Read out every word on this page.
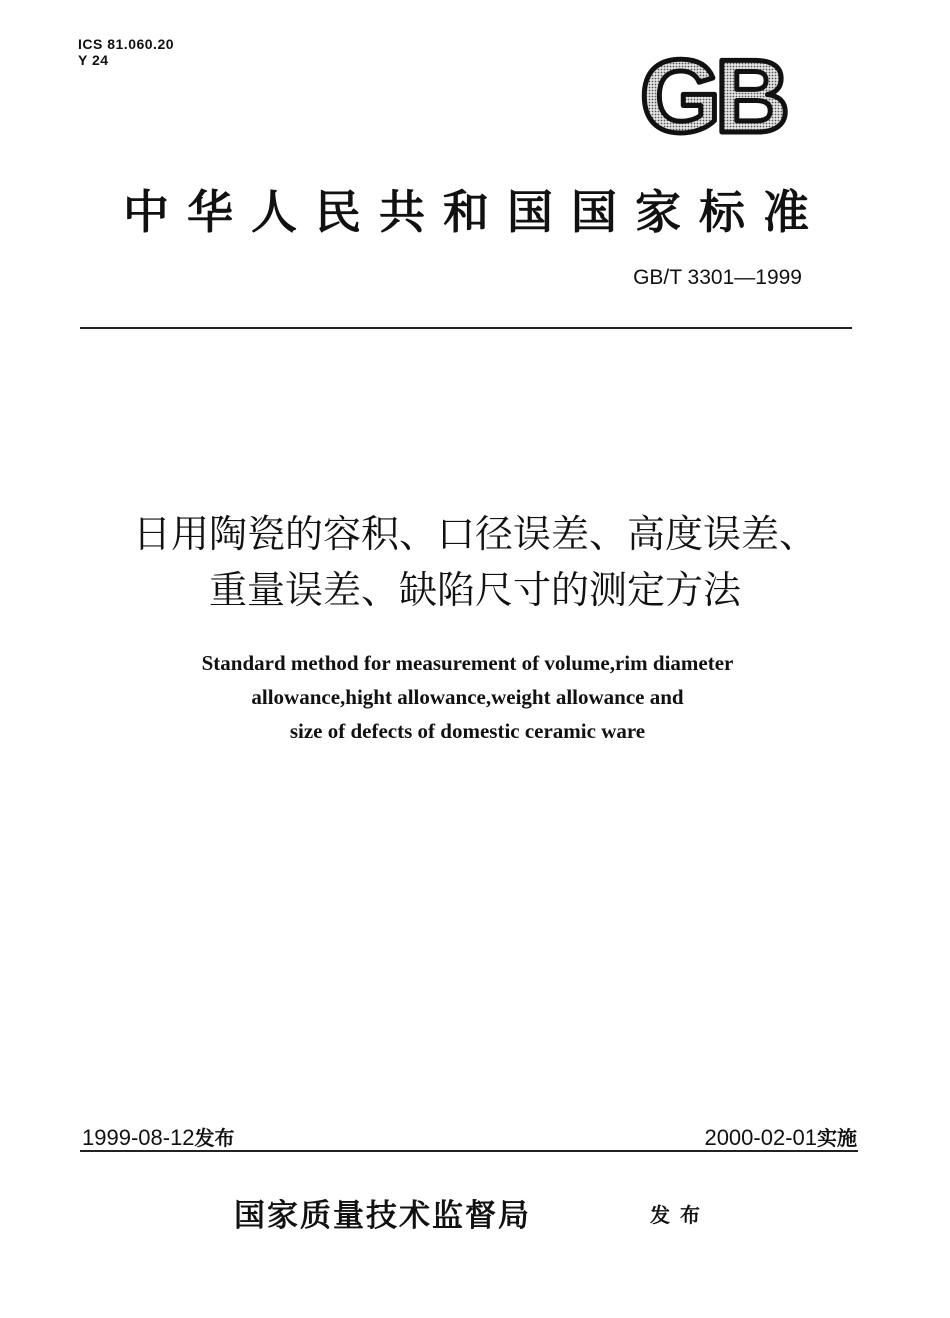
ICS 81.060.20
Y 24	GB
中华人民共和国国家标准
GB/T 3301—1999
日用陶瓷的容积、口径误差、高度误差、
重量误差、缺陷尺寸的测定方法
Standard method for measurement of volume,rim diameter
allowance,hight allowance,weight allowance and
size of defects of domestic ceramic ware
1999-08-12发布	2000-02-01实施
国家质量技术监督局	发布
